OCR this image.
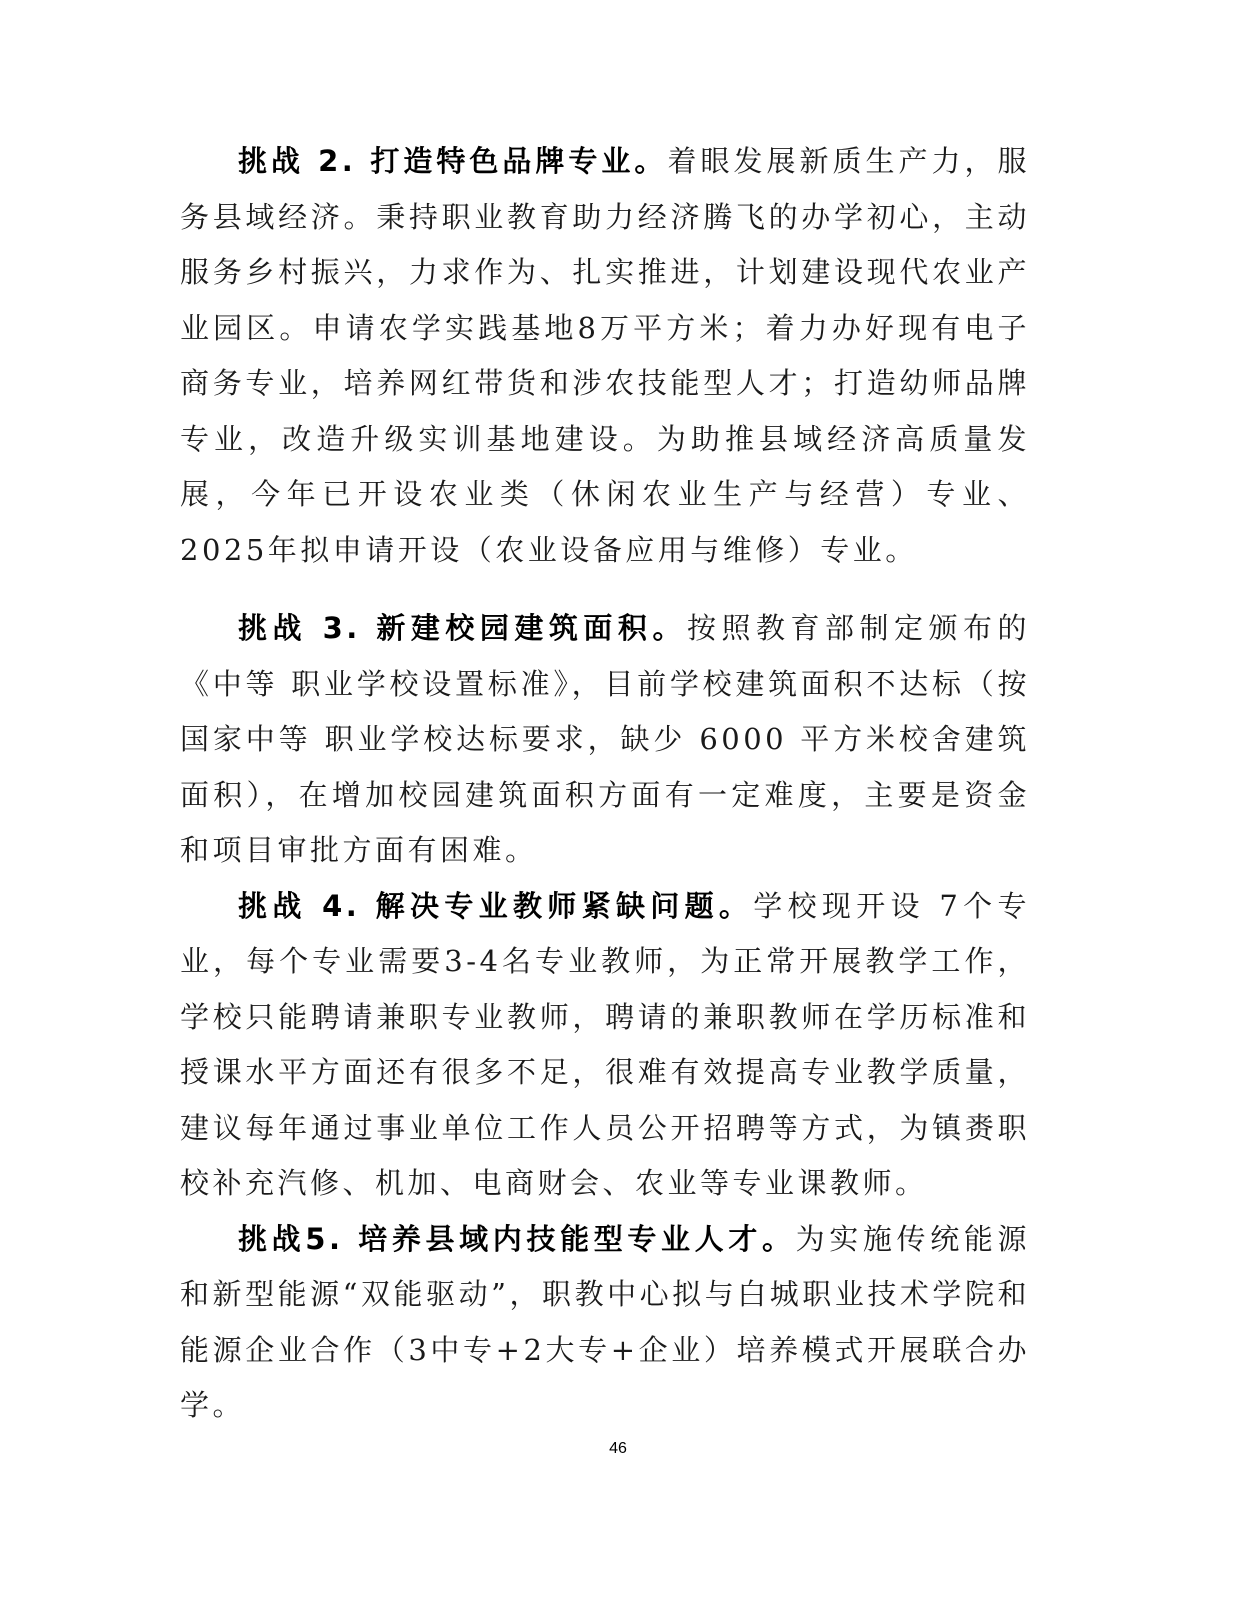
挑战 2. 打造特色品牌专业。着眼发展新质生产力，服务县域经济。秉持职业教育助力经济腾飞的办学初心，主动服务乡村振兴，力求作为、扎实推进，计划建设现代农业产业园区。申请农学实践基地8万平方米；着力办好现有电子商务专业，培养网红带货和涉农技能型人才；打造幼师品牌专业，改造升级实训基地建设。为助推县域经济高质量发展，今年已开设农业类（休闲农业生产与经营）专业、2025年拟申请开设（农业设备应用与维修）专业。

挑战 3. 新建校园建筑面积。按照教育部制定颁布的《中等 职业学校设置标准》，目前学校建筑面积不达标（按国家中等 职业学校达标要求，缺少 6000 平方米校舍建筑面积），在增加校园建筑面积方面有一定难度，主要是资金和项目审批方面有困难。

挑战 4. 解决专业教师紧缺问题。学校现开设 7个专业，每个专业需要3-4名专业教师，为正常开展教学工作，学校只能聘请兼职专业教师，聘请的兼职教师在学历标准和授课水平方面还有很多不足，很难有效提高专业教学质量，建议每年通过事业单位工作人员公开招聘等方式，为镇赉职校补充汽修、机加、电商财会、农业等专业课教师。

挑战5. 培养县域内技能型专业人才。为实施传统能源和新型能源“双能驱动”，职教中心拟与白城职业技术学院和能源企业合作（3中专+2大专+企业）培养模式开展联合办学。

46
